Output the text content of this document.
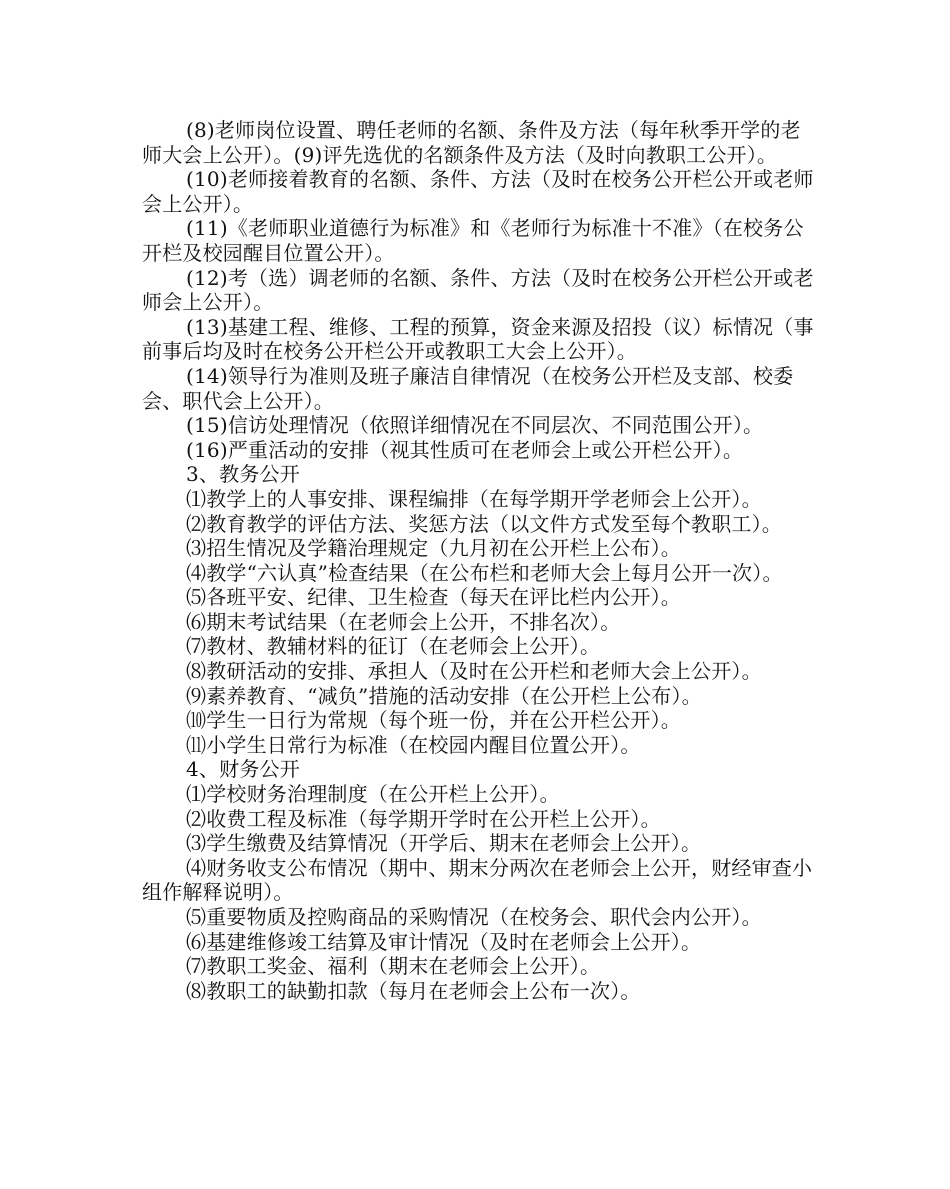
(8)老师岗位设置、聘任老师的名额、条件及方法（每年秋季开学的老师大会上公开）。(9)评先选优的名额条件及方法（及时向教职工公开）。

(10)老师接着教育的名额、条件、方法（及时在校务公开栏公开或老师会上公开）。

(11)《老师职业道德行为标准》和《老师行为标准十不准》（在校务公开栏及校园醒目位置公开）。

(12)考（选）调老师的名额、条件、方法（及时在校务公开栏公开或老师会上公开）。

(13)基建工程、维修、工程的预算，资金来源及招投（议）标情况（事前事后均及时在校务公开栏公开或教职工大会上公开）。

(14)领导行为准则及班子廉洁自律情况（在校务公开栏及支部、校委会、职代会上公开）。

(15)信访处理情况（依照详细情况在不同层次、不同范围公开）。

(16)严重活动的安排（视其性质可在老师会上或公开栏公开）。

3、教务公开

⑴教学上的人事安排、课程编排（在每学期开学老师会上公开）。

⑵教育教学的评估方法、奖惩方法（以文件方式发至每个教职工）。

⑶招生情况及学籍治理规定（九月初在公开栏上公布）。

⑷教学“六认真”检查结果（在公布栏和老师大会上每月公开一次）。

⑸各班平安、纪律、卫生检查（每天在评比栏内公开）。

⑹期末考试结果（在老师会上公开，不排名次）。

⑺教材、教辅材料的征订（在老师会上公开）。

⑻教研活动的安排、承担人（及时在公开栏和老师大会上公开）。

⑼素养教育、“减负”措施的活动安排（在公开栏上公布）。

⑽学生一日行为常规（每个班一份，并在公开栏公开）。

⑾小学生日常行为标准（在校园内醒目位置公开）。

4、财务公开

⑴学校财务治理制度（在公开栏上公开）。

⑵收费工程及标准（每学期开学时在公开栏上公开）。

⑶学生缴费及结算情况（开学后、期末在老师会上公开）。

⑷财务收支公布情况（期中、期末分两次在老师会上公开，财经审查小组作解释说明）。

⑸重要物质及控购商品的采购情况（在校务会、职代会内公开）。

⑹基建维修竣工结算及审计情况（及时在老师会上公开）。

⑺教职工奖金、福利（期末在老师会上公开）。

⑻教职工的缺勤扣款（每月在老师会上公布一次）。
